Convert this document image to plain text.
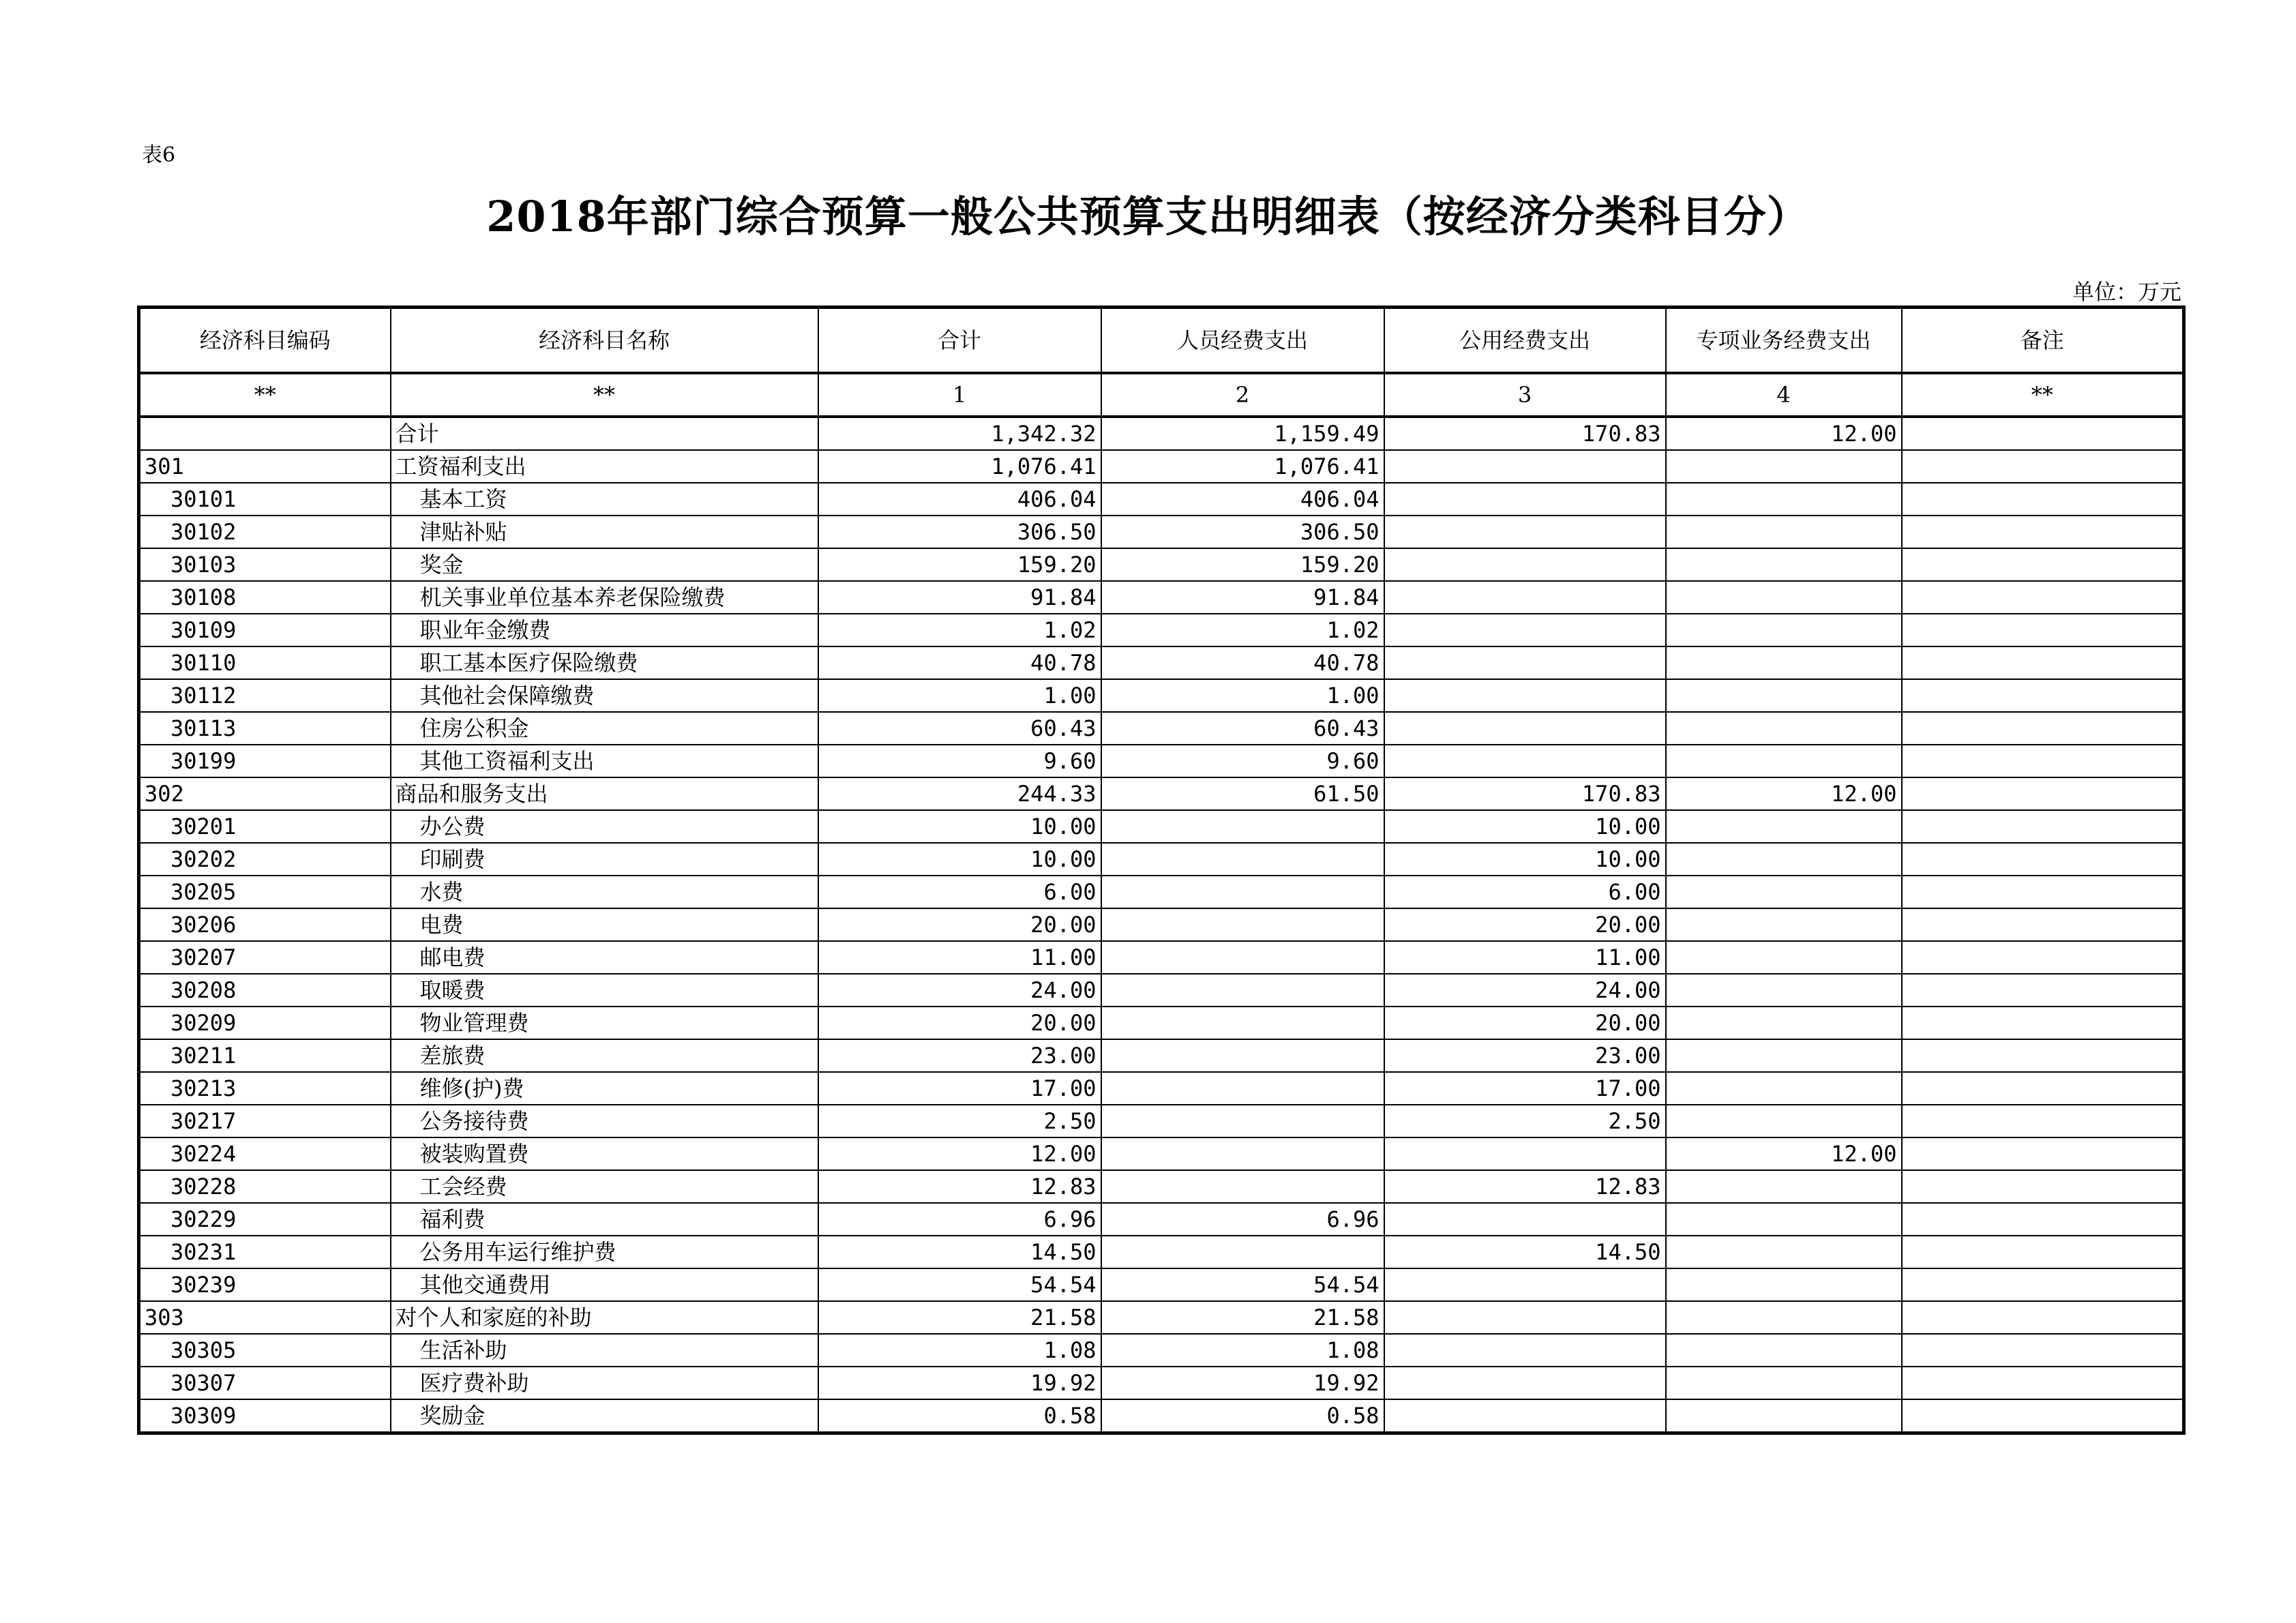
表6
2018年部门综合预算一般公共预算支出明细表（按经济分类科目分）
单位：万元
经济科目编码	经济科目名称	合计	人员经费支出	公用经费支出	专项业务经费支出	备注
**	**	1	2	3	4	**
	合计	1,342.32	1,159.49	170.83	12.00	
301	工资福利支出	1,076.41	1,076.41			
30101	基本工资	406.04	406.04			
30102	津贴补贴	306.50	306.50			
30103	奖金	159.20	159.20			
30108	机关事业单位基本养老保险缴费	91.84	91.84			
30109	职业年金缴费	1.02	1.02			
30110	职工基本医疗保险缴费	40.78	40.78			
30112	其他社会保障缴费	1.00	1.00			
30113	住房公积金	60.43	60.43			
30199	其他工资福利支出	9.60	9.60			
302	商品和服务支出	244.33	61.50	170.83	12.00	
30201	办公费	10.00		10.00		
30202	印刷费	10.00		10.00		
30205	水费	6.00		6.00		
30206	电费	20.00		20.00		
30207	邮电费	11.00		11.00		
30208	取暖费	24.00		24.00		
30209	物业管理费	20.00		20.00		
30211	差旅费	23.00		23.00		
30213	维修(护)费	17.00		17.00		
30217	公务接待费	2.50		2.50		
30224	被装购置费	12.00			12.00	
30228	工会经费	12.83		12.83		
30229	福利费	6.96	6.96			
30231	公务用车运行维护费	14.50		14.50		
30239	其他交通费用	54.54	54.54			
303	对个人和家庭的补助	21.58	21.58			
30305	生活补助	1.08	1.08			
30307	医疗费补助	19.92	19.92			
30309	奖励金	0.58	0.58			
